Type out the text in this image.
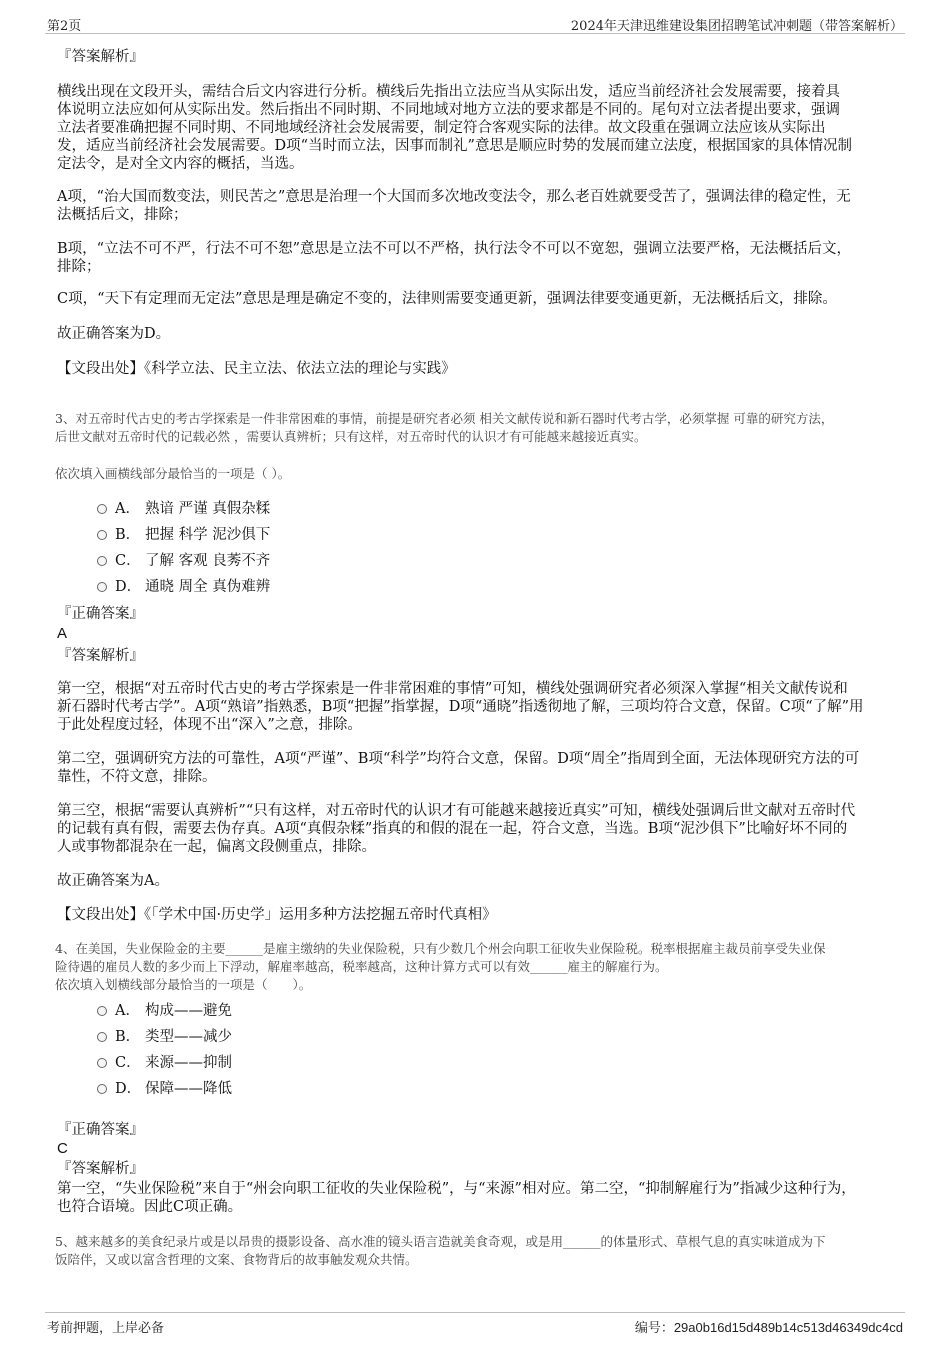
第2页	2024年天津迅维建设集团招聘笔试冲刺题（带答案解析）
『答案解析』
横线出现在文段开头，需结合后文内容进行分析。横线后先指出立法应当从实际出发，适应当前经济社会发展需要，接着具
体说明立法应如何从实际出发。然后指出不同时期、不同地域对地方立法的要求都是不同的。尾句对立法者提出要求，强调
立法者要准确把握不同时期、不同地域经济社会发展需要，制定符合客观实际的法律。故文段重在强调立法应该从实际出
发，适应当前经济社会发展需要。D项“当时而立法，因事而制礼”意思是顺应时势的发展而建立法度，根据国家的具体情况制
定法令，是对全文内容的概括，当选。
A项，“治大国而数变法，则民苦之”意思是治理一个大国而多次地改变法令，那么老百姓就要受苦了，强调法律的稳定性，无
法概括后文，排除；
B项，“立法不可不严，行法不可不恕”意思是立法不可以不严格，执行法令不可以不宽恕，强调立法要严格，无法概括后文，
排除；
C项，“天下有定理而无定法”意思是理是确定不变的，法律则需要变通更新，强调法律要变通更新，无法概括后文，排除。
故正确答案为D。
【文段出处】《科学立法、民主立法、依法立法的理论与实践》
3、对五帝时代古史的考古学探索是一件非常困难的事情，前提是研究者必须 相关文献传说和新石器时代考古学，必须掌握 可靠的研究方法，
后世文献对五帝时代的记载必然 ，需要认真辨析；只有这样，对五帝时代的认识才有可能越来越接近真实。
依次填入画横线部分最恰当的一项是（ ）。
A． 熟谙 严谨 真假杂糅
B． 把握 科学 泥沙俱下
C． 了解 客观 良莠不齐
D． 通晓 周全 真伪难辨
『正确答案』
A
『答案解析』
第一空，根据“对五帝时代古史的考古学探索是一件非常困难的事情”可知，横线处强调研究者必须深入掌握“相关文献传说和
新石器时代考古学”。A项“熟谙”指熟悉，B项“把握”指掌握，D项“通晓”指透彻地了解，三项均符合文意，保留。C项“了解”用
于此处程度过轻，体现不出“深入”之意，排除。
第二空，强调研究方法的可靠性，A项“严谨”、B项“科学”均符合文意，保留。D项“周全”指周到全面，无法体现研究方法的可
靠性，不符文意，排除。
第三空，根据“需要认真辨析”“只有这样，对五帝时代的认识才有可能越来越接近真实”可知，横线处强调后世文献对五帝时代
的记载有真有假，需要去伪存真。A项“真假杂糅”指真的和假的混在一起，符合文意，当选。B项“泥沙俱下”比喻好坏不同的
人或事物都混杂在一起，偏离文段侧重点，排除。
故正确答案为A。
【文段出处】《「学术中国·历史学」运用多种方法挖掘五帝时代真相》
4、在美国，失业保险金的主要______是雇主缴纳的失业保险税，只有少数几个州会向职工征收失业保险税。税率根据雇主裁员前享受失业保
险待遇的雇员人数的多少而上下浮动，解雇率越高，税率越高，这种计算方式可以有效______雇主的解雇行为。
依次填入划横线部分最恰当的一项是（　　）。
A． 构成——避免
B． 类型——减少
C． 来源——抑制
D． 保障——降低
『正确答案』
C
『答案解析』
第一空，“失业保险税”来自于“州会向职工征收的失业保险税”，与“来源”相对应。第二空，“抑制解雇行为”指减少这种行为，
也符合语境。因此C项正确。
5、越来越多的美食纪录片或是以昂贵的摄影设备、高水准的镜头语言造就美食奇观，或是用______的体量形式、草根气息的真实味道成为下
饭陪伴，又或以富含哲理的文案、食物背后的故事触发观众共情。
考前押题，上岸必备	编号：29a0b16d15d489b14c513d46349dc4cd
